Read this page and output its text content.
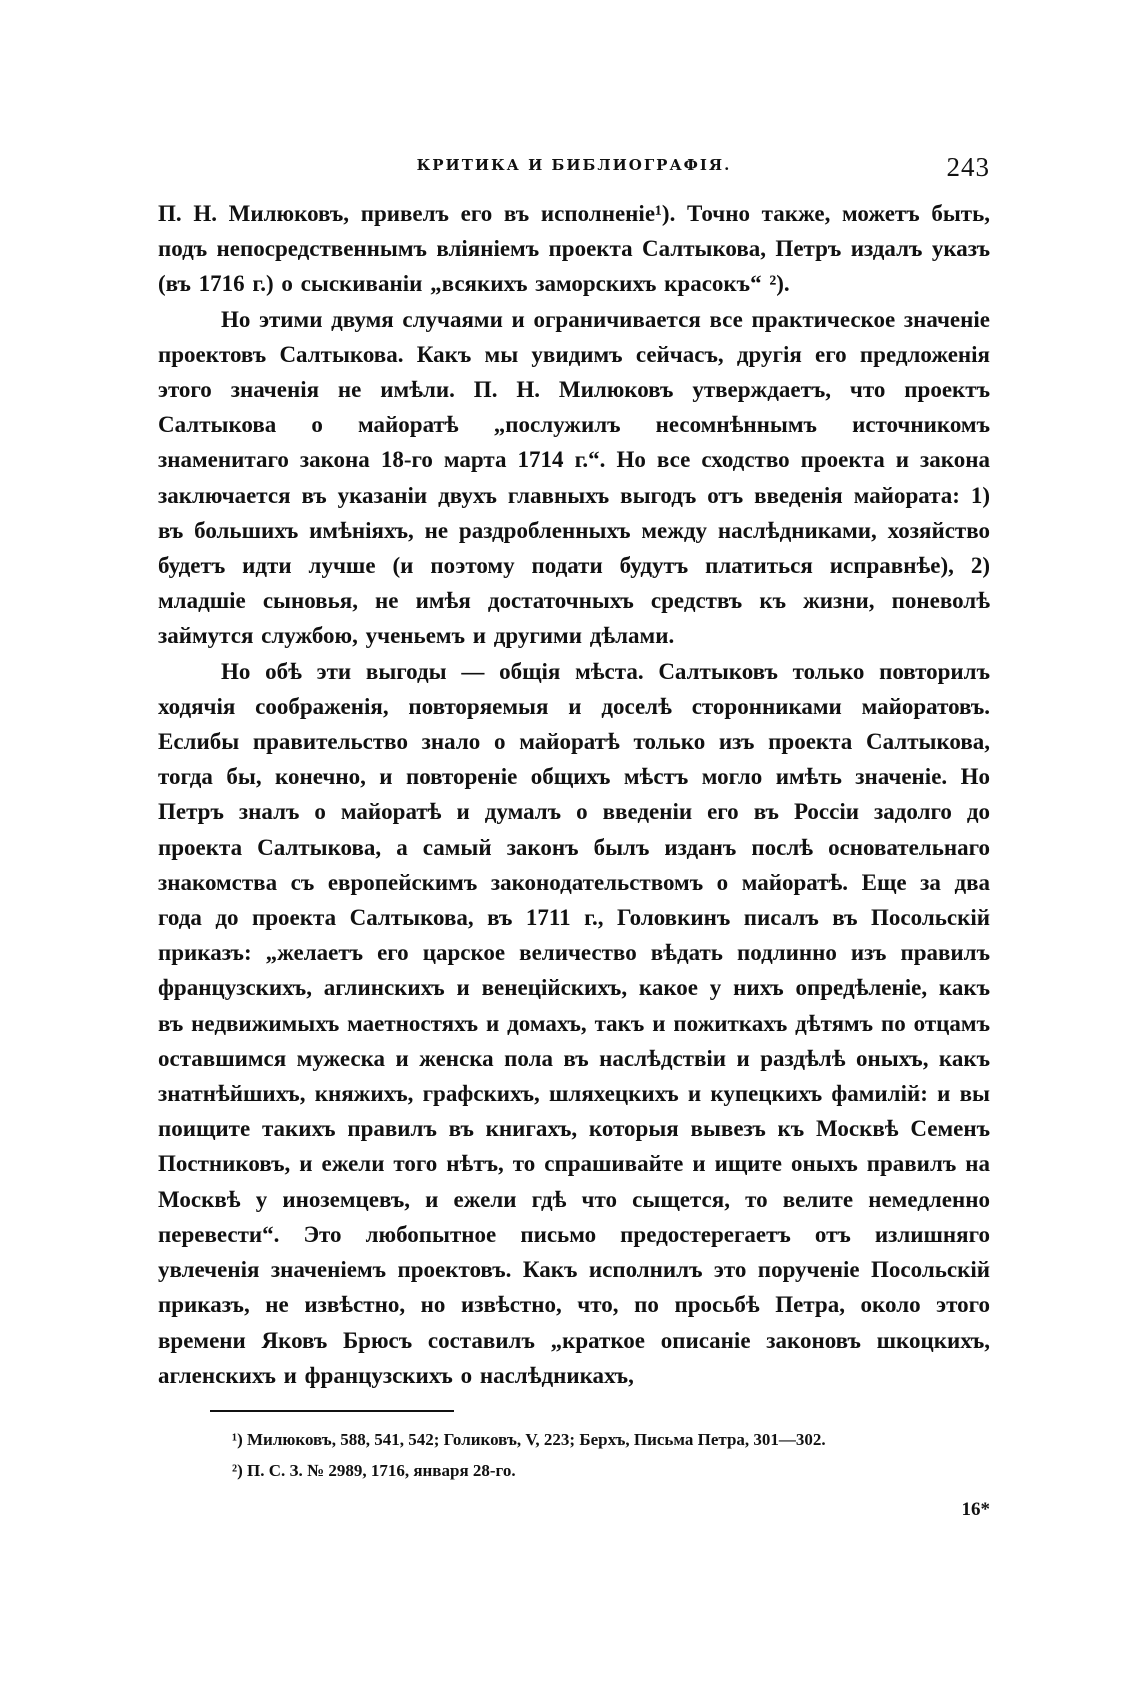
КРИТИКА И БИБЛИОГРАФІЯ.	243

П. Н. Милюковъ, привелъ его въ исполненіе¹). Точно также, можетъ быть, подъ непосредственнымъ вліяніемъ проекта Салтыкова, Петръ издалъ указъ (въ 1716 г.) о сыскиваніи „всякихъ заморскихъ красокъ“ ²).

Но этими двумя случаями и ограничивается все практическое значеніе проектовъ Салтыкова. Какъ мы увидимъ сейчасъ, другія его предложенія этого значенія не имѣли. П. Н. Милюковъ утверждаетъ, что проектъ Салтыкова о майоратѣ „послужилъ несомнѣннымъ источникомъ знаменитаго закона 18-го марта 1714 г.“. Но все сходство проекта и закона заключается въ указаніи двухъ главныхъ выгодъ отъ введенія майората: 1) въ большихъ имѣніяхъ, не раздробленныхъ между наслѣдниками, хозяйство будетъ идти лучше (и поэтому подати будутъ платиться исправнѣе), 2) младшіе сыновья, не имѣя достаточныхъ средствъ къ жизни, поневолѣ займутся службою, ученьемъ и другими дѣлами.

Но обѣ эти выгоды — общія мѣста. Салтыковъ только повторилъ ходячія соображенія, повторяемыя и доселѣ сторонниками майоратовъ. Еслибы правительство знало о майоратѣ только изъ проекта Салтыкова, тогда бы, конечно, и повтореніе общихъ мѣстъ могло имѣть значеніе. Но Петръ зналъ о майоратѣ и думалъ о введеніи его въ Россіи задолго до проекта Салтыкова, а самый законъ былъ изданъ послѣ основательнаго знакомства съ европейскимъ законодательствомъ о майоратѣ. Еще за два года до проекта Салтыкова, въ 1711 г., Головкинъ писалъ въ Посольскій приказъ: „желаетъ его царское величество вѣдать подлинно изъ правилъ французскихъ, аглинскихъ и венеційскихъ, какое у нихъ опредѣленіе, какъ въ недвижимыхъ маетностяхъ и домахъ, такъ и пожиткахъ дѣтямъ по отцамъ оставшимся мужеска и женска пола въ наслѣдствіи и раздѣлѣ оныхъ, какъ знатнѣйшихъ, княжихъ, графскихъ, шляхецкихъ и купецкихъ фамилій: и вы поищите такихъ правилъ въ книгахъ, которыя вывезъ къ Москвѣ Семенъ Постниковъ, и ежели того нѣтъ, то спрашивайте и ищите оныхъ правилъ на Москвѣ у иноземцевъ, и ежели гдѣ что сыщется, то велите немедленно перевести“. Это любопытное письмо предостерегаетъ отъ излишняго увлеченія значеніемъ проектовъ. Какъ исполнилъ это порученіе Посольскій приказъ, не извѣстно, но извѣстно, что, по просьбѣ Петра, около этого времени Яковъ Брюсъ составилъ „краткое описаніе законовъ шкоцкихъ, агленскихъ и французскихъ о наслѣдникахъ,

¹) Милюковъ, 588, 541, 542; Голиковъ, V, 223; Берхъ, Письма Петра, 301—302.

²) П. С. З. № 2989, 1716, января 28-го.

16*
